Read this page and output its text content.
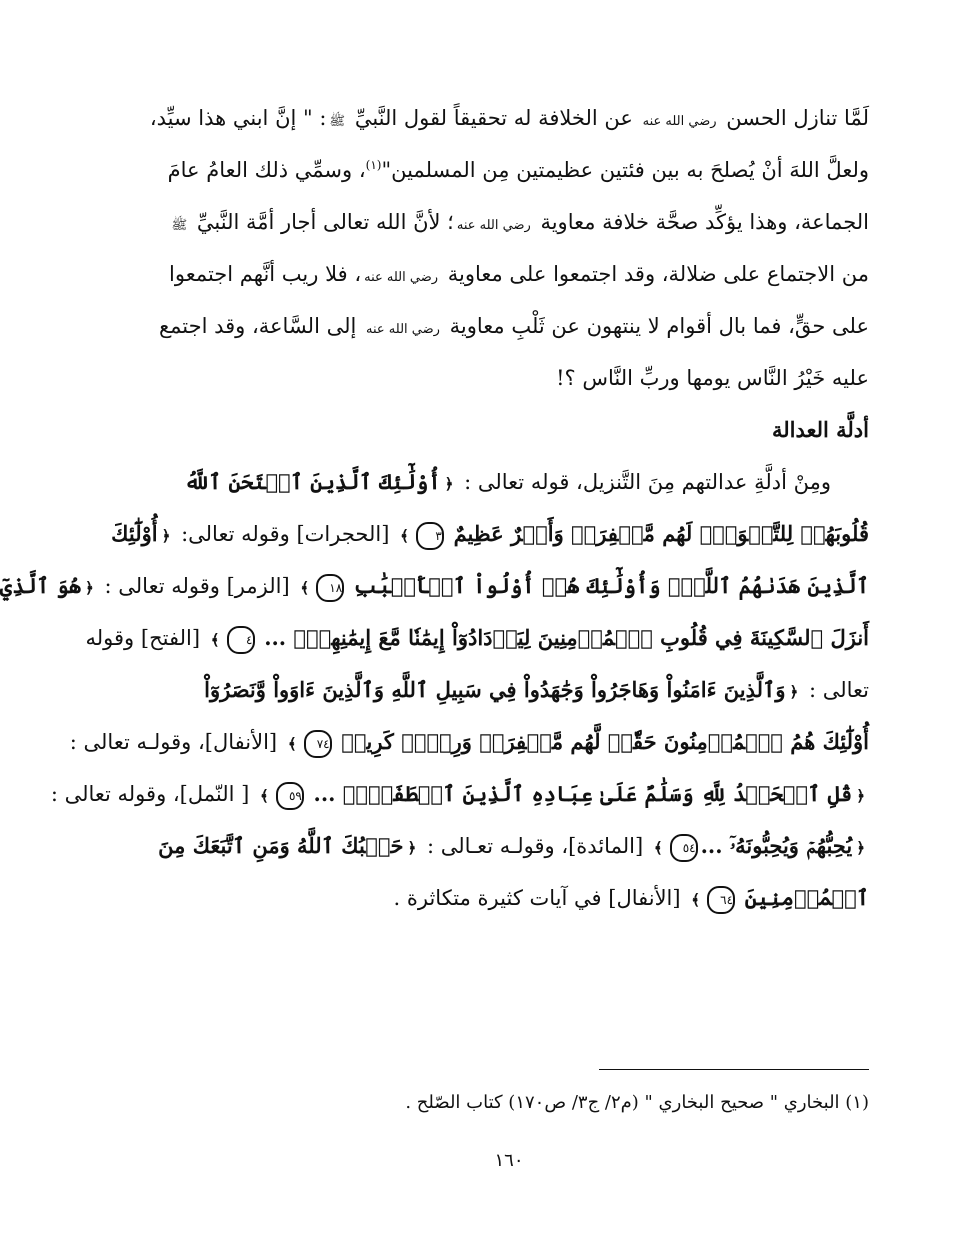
لَمَّا تنازل الحسن رضي الله عنه عن الخلافة له تحقيقاً لقول النَّبيِّ ﷺ: " إنَّ ابني هذا سيِّد،
ولعلَّ اللهَ أنْ يُصلحَ به بين فئتين عظيمتين مِن المسلمين"$^{(١)}$، وسمِّي ذلك العامُ عامَ
الجماعة، وهذا يؤكِّد صحَّة خلافة معاوية رضي الله عنه؛ لأنَّ الله تعالى أجار أمَّة النَّبيِّ ﷺ
من الاجتماع على ضلالة، وقد اجتمعوا على معاوية رضي الله عنه، فلا ريب أنَّهم اجتمعوا
على حقٍّ، فما بال أقوام لا ينتهون عن ثَلْبِ معاوية رضي الله عنه إلى السَّاعة، وقد اجتمع
عليه خَيْرُ النَّاس يومها وربِّ النَّاس ؟!
أدلَّة العدالة
ومِنْ أدلَّةِ عدالتهم مِنَ التَّنزيل، قوله تعالى : ﴿أُوْلَٰٓئِكَ ٱلَّذِينَ ٱمۡتَحَنَ ٱللَّهُ
قُلُوبَهُمۡ لِلتَّقۡوَىٰۚ لَهُم مَّغۡفِرَةٞ وَأَجۡرٌ عَظِيمٌ ٣﴾ [الحجرات] وقوله تعالى: ﴿أُوْلَٰٓئِكَ
ٱلَّذِينَ هَدَىٰهُمُ ٱللَّهُۖ وَأُوْلَٰٓئِكَ هُمۡ أُوْلُواْ ٱلۡأَلۡبَٰبِ ١٨﴾ [الزمر] وقوله تعالى : ﴿هُوَ ٱلَّذِيٓ
أَنزَلَ ٱلسَّكِينَةَ فِي قُلُوبِ ٱلۡمُؤۡمِنِينَ لِيَزۡدَادُوٓاْ إِيمَٰنٗا مَّعَ إِيمَٰنِهِمۡۗ ... ٤﴾ [الفتح] وقوله
تعالى : ﴿وَٱلَّذِينَ ءَامَنُواْ وَهَاجَرُواْ وَجَٰهَدُواْ فِي سَبِيلِ ٱللَّهِ وَٱلَّذِينَ ءَاوَواْ وَّنَصَرُوٓاْ
أُوْلَٰٓئِكَ هُمُ ٱلۡمُؤۡمِنُونَ حَقّٗاۚ لَّهُم مَّغۡفِرَةٞ وَرِزۡقٞ كَرِيمٞ ٧٤﴾ [الأنفال]، وقولـه تعالى :
﴿قُلِ ٱلۡحَمۡدُ لِلَّهِ وَسَلَٰمٌ عَلَىٰ عِبَادِهِ ٱلَّذِينَ ٱصۡطَفَىٰٓۗ ... ٥٩﴾ [ النّمل]، وقوله تعالى :
﴿يُحِبُّهُمۡ وَيُحِبُّونَهُۥٓ ...٥٤﴾ [المائدة]، وقولـه تعـالى : ﴿حَسۡبُكَ ٱللَّهُ وَمَنِ ٱتَّبَعَكَ مِنَ
ٱلۡمُؤۡمِنِينَ ٦٤﴾ [الأنفال] في آيات كثيرة متكاثرة .
(١) البخاري " صحيح البخاري " (م٢/ ج٣/ ص١٧٠) كتاب الصّلح .
١٦٠
